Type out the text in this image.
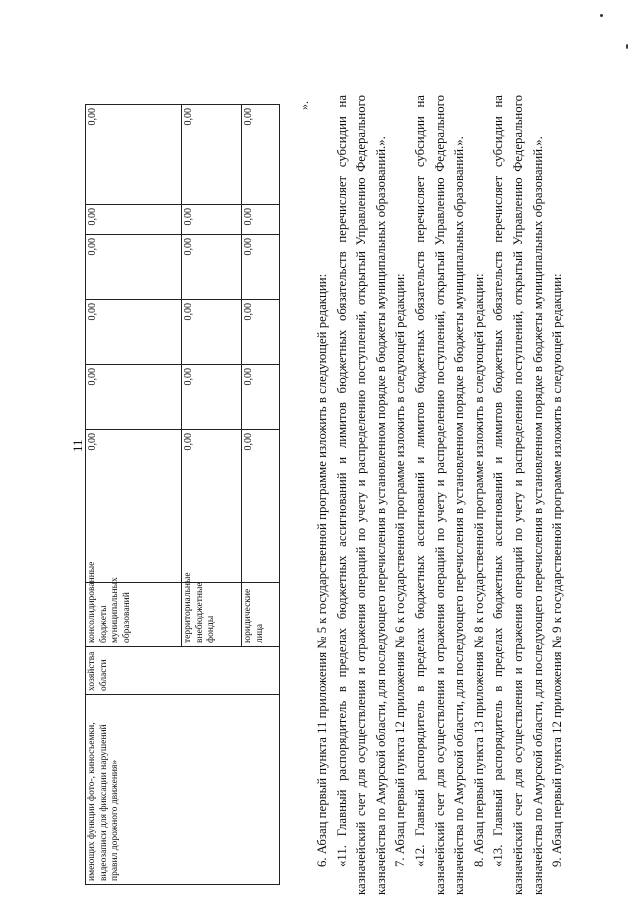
11
имеющих функции фото-, киносъемки, видеозаписи для фиксации нарушений правил дорожного движения»	хозяйства области	консолидированные бюджеты муниципальных образований	0,00	0,00	0,00	0,00	0,00	0,00
		территориальные внебюджетные фонды	0,00	0,00	0,00	0,00	0,00	0,00
		юридические лица	0,00	0,00	0,00	0,00	0,00	0,00
».

6. Абзац первый пункта 11 приложения № 5 к государственной программе изложить в следующей редакции: «11. Главный распорядитель в пределах бюджетных ассигнований и лимитов бюджетных обязательств перечисляет субсидии на казначейский счет для осуществления и отражения операций по учету и распределению поступлений, открытый Управлению Федерального казначейства по Амурской области, для последующего перечисления в установленном порядке в бюджеты муниципальных образований.». 7. Абзац первый пункта 12 приложения № 6 к государственной программе изложить в следующей редакции: «12. Главный распорядитель в пределах бюджетных ассигнований и лимитов бюджетных обязательств перечисляет субсидии на казначейский счет для осуществления и отражения операций по учету и распределению поступлений, открытый Управлению Федерального казначейства по Амурской области, для последующего перечисления в установленном порядке в бюджеты муниципальных образований.». 8. Абзац первый пункта 13 приложения № 8 к государственной программе изложить в следующей редакции: «13. Главный распорядитель в пределах бюджетных ассигнований и лимитов бюджетных обязательств перечисляет субсидии на казначейский счет для осуществления и отражения операций по учету и распределению поступлений, открытый Управлению Федерального казначейства по Амурской области, для последующего перечисления в установленном порядке в бюджеты муниципальных образований.». 9. Абзац первый пункта 12 приложения № 9 к государственной программе изложить в следующей редакции:
